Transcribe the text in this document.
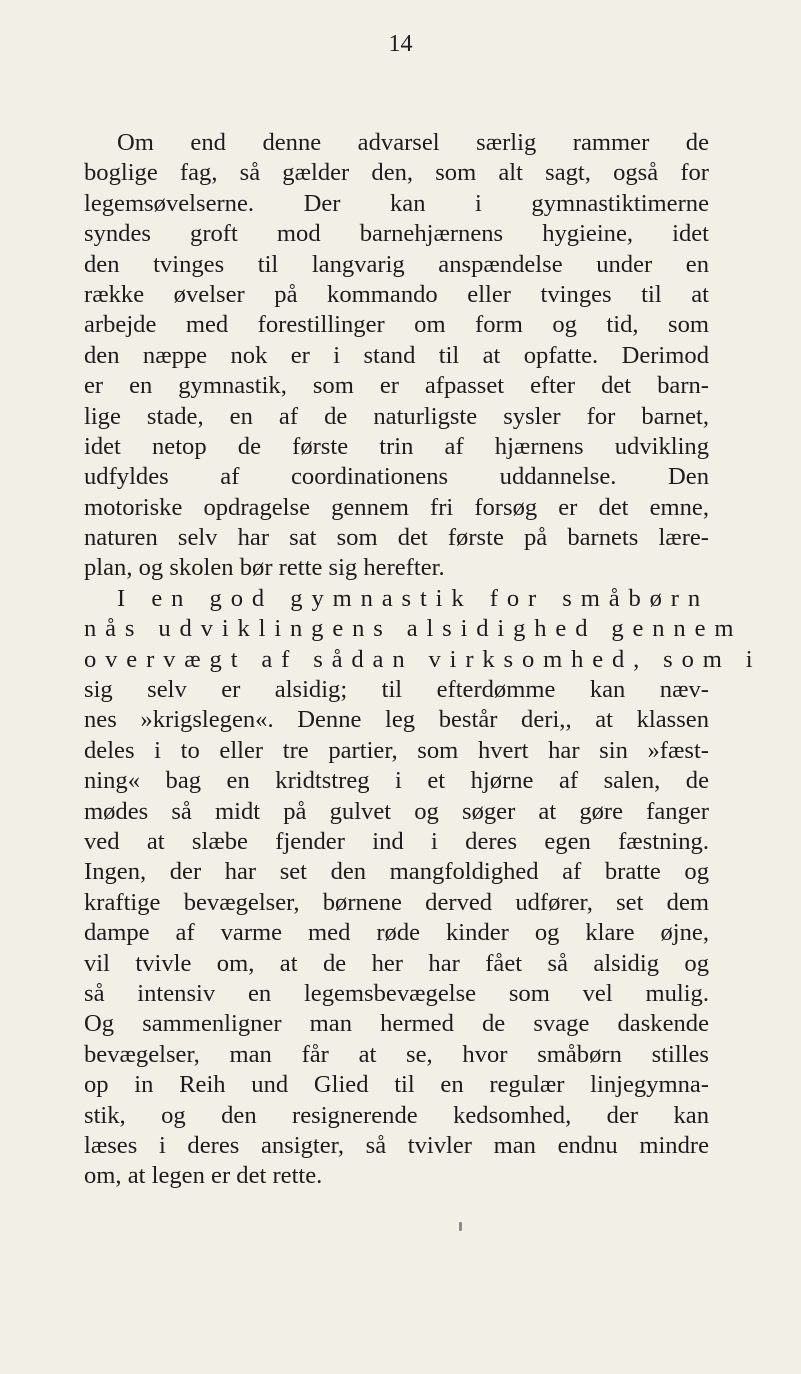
14
Om end denne advarsel særlig rammer de
boglige fag, så gælder den, som alt sagt, også for
legemsøvelserne. Der kan i gymnastiktimerne
syndes groft mod barnehjærnens hygieine, idet
den tvinges til langvarig anspændelse under en
række øvelser på kommando eller tvinges til at
arbejde med forestillinger om form og tid, som
den næppe nok er i stand til at opfatte. Derimod
er en gymnastik, som er afpasset efter det barn-
lige stade, en af de naturligste sysler for barnet,
idet netop de første trin af hjærnens udvikling
udfyldes af coordinationens uddannelse. Den
motoriske opdragelse gennem fri forsøg er det emne,
naturen selv har sat som det første på barnets lære-
plan, og skolen bør rette sig herefter.
I en god gymnastik for småbørn
nås udviklingens alsidighed gennem
overvægt af sådan virksomhed, som i
sig selv er alsidig; til efterdømme kan næv-
nes »krigslegen«. Denne leg består deri,, at klassen
deles i to eller tre partier, som hvert har sin »fæst-
ning« bag en kridtstreg i et hjørne af salen, de
mødes så midt på gulvet og søger at gøre fanger
ved at slæbe fjender ind i deres egen fæstning.
Ingen, der har set den mangfoldighed af bratte og
kraftige bevægelser, børnene derved udfører, set dem
dampe af varme med røde kinder og klare øjne,
vil tvivle om, at de her har fået så alsidig og
så intensiv en legemsbevægelse som vel mulig.
Og sammenligner man hermed de svage daskende
bevægelser, man får at se, hvor småbørn stilles
op in Reih und Glied til en regulær linjegymna-
stik, og den resignerende kedsomhed, der kan
læses i deres ansigter, så tvivler man endnu mindre
om, at legen er det rette.
